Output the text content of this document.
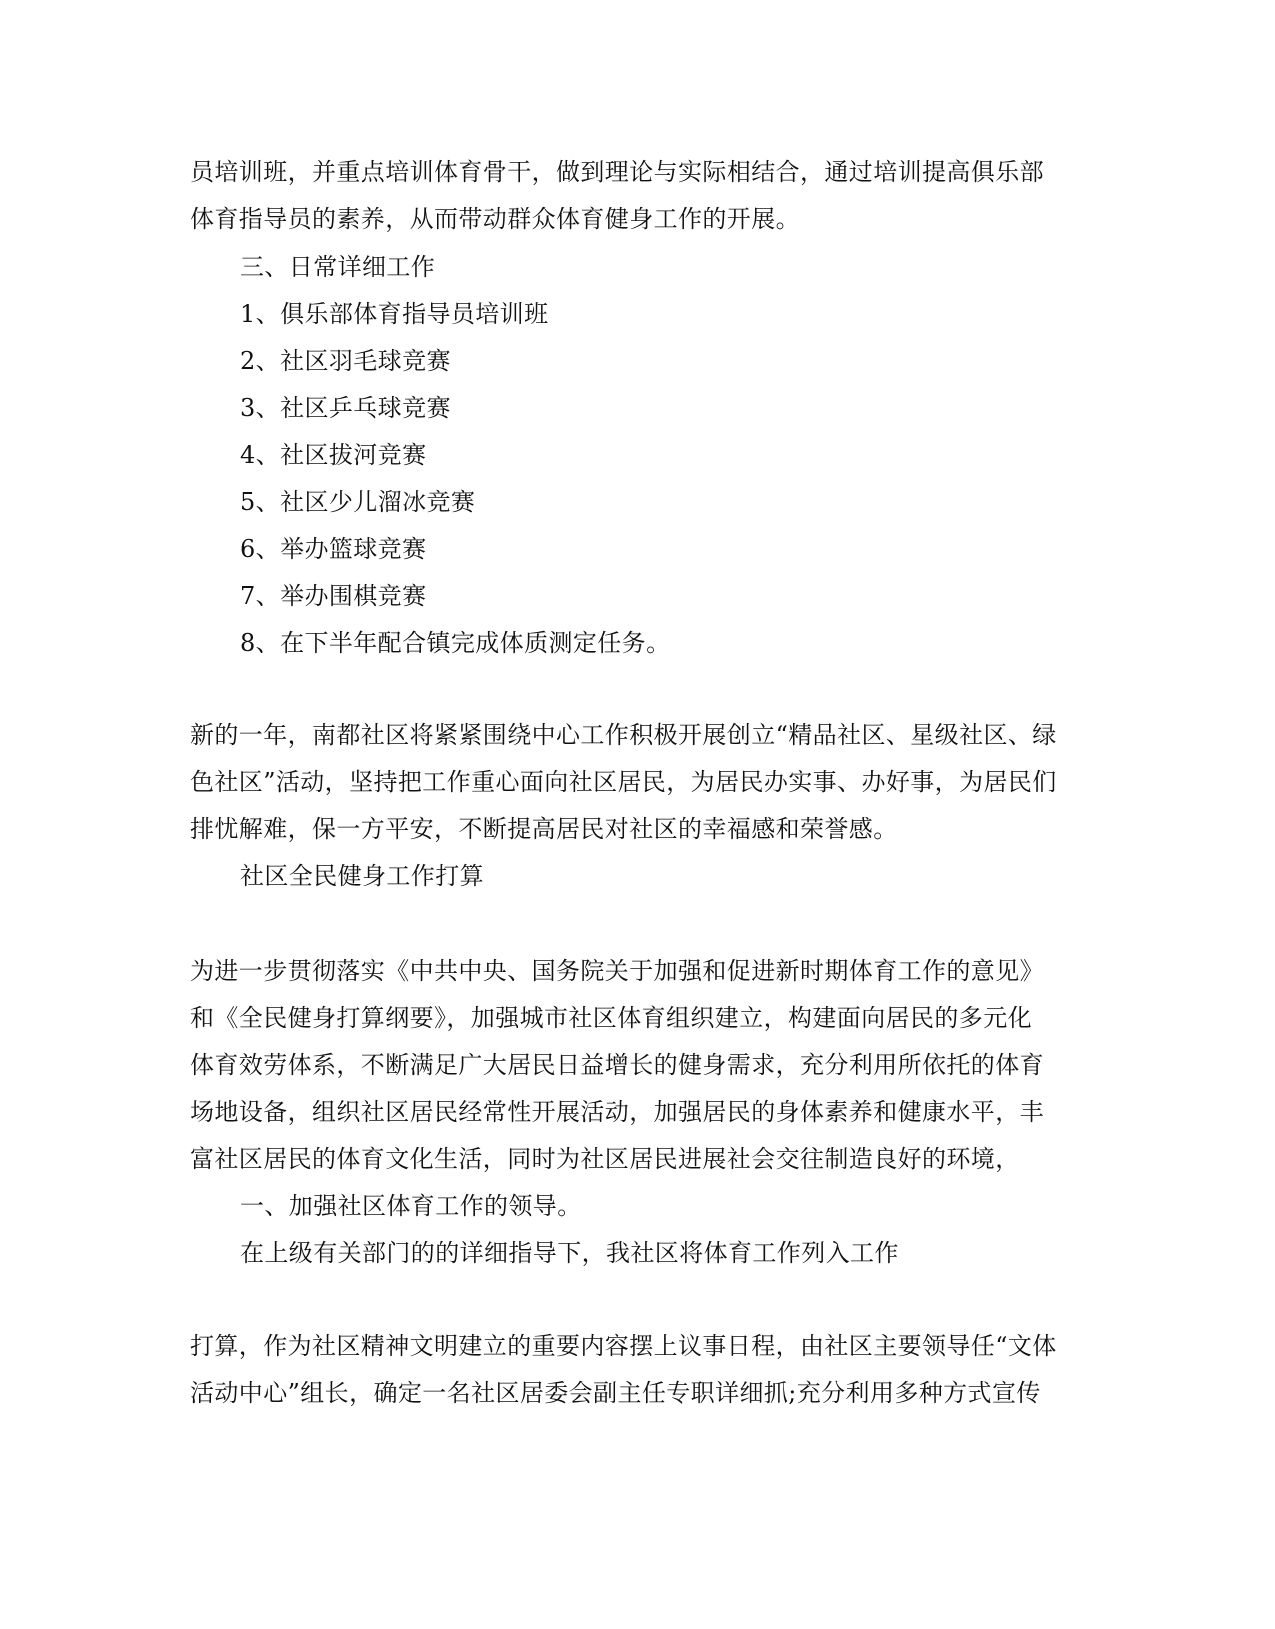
员培训班，并重点培训体育骨干，做到理论与实际相结合，通过培训提高俱乐部
体育指导员的素养，从而带动群众体育健身工作的开展。
三、日常详细工作
1、俱乐部体育指导员培训班
2、社区羽毛球竞赛
3、社区乒乓球竞赛
4、社区拔河竞赛
5、社区少儿溜冰竞赛
6、举办篮球竞赛
7、举办围棋竞赛
8、在下半年配合镇完成体质测定任务。
新的一年，南都社区将紧紧围绕中心工作积极开展创立“精品社区、星级社区、绿
色社区”活动，坚持把工作重心面向社区居民，为居民办实事、办好事，为居民们
排忧解难，保一方平安，不断提高居民对社区的幸福感和荣誉感。
社区全民健身工作打算
为进一步贯彻落实《中共中央、国务院关于加强和促进新时期体育工作的意见》
和《全民健身打算纲要》，加强城市社区体育组织建立，构建面向居民的多元化
体育效劳体系，不断满足广大居民日益增长的健身需求，充分利用所依托的体育
场地设备，组织社区居民经常性开展活动，加强居民的身体素养和健康水平，丰
富社区居民的体育文化生活，同时为社区居民进展社会交往制造良好的环境，
一、加强社区体育工作的领导。
在上级有关部门的的详细指导下，我社区将体育工作列入工作
打算，作为社区精神文明建立的重要内容摆上议事日程，由社区主要领导任“文体
活动中心”组长，确定一名社区居委会副主任专职详细抓;充分利用多种方式宣传
